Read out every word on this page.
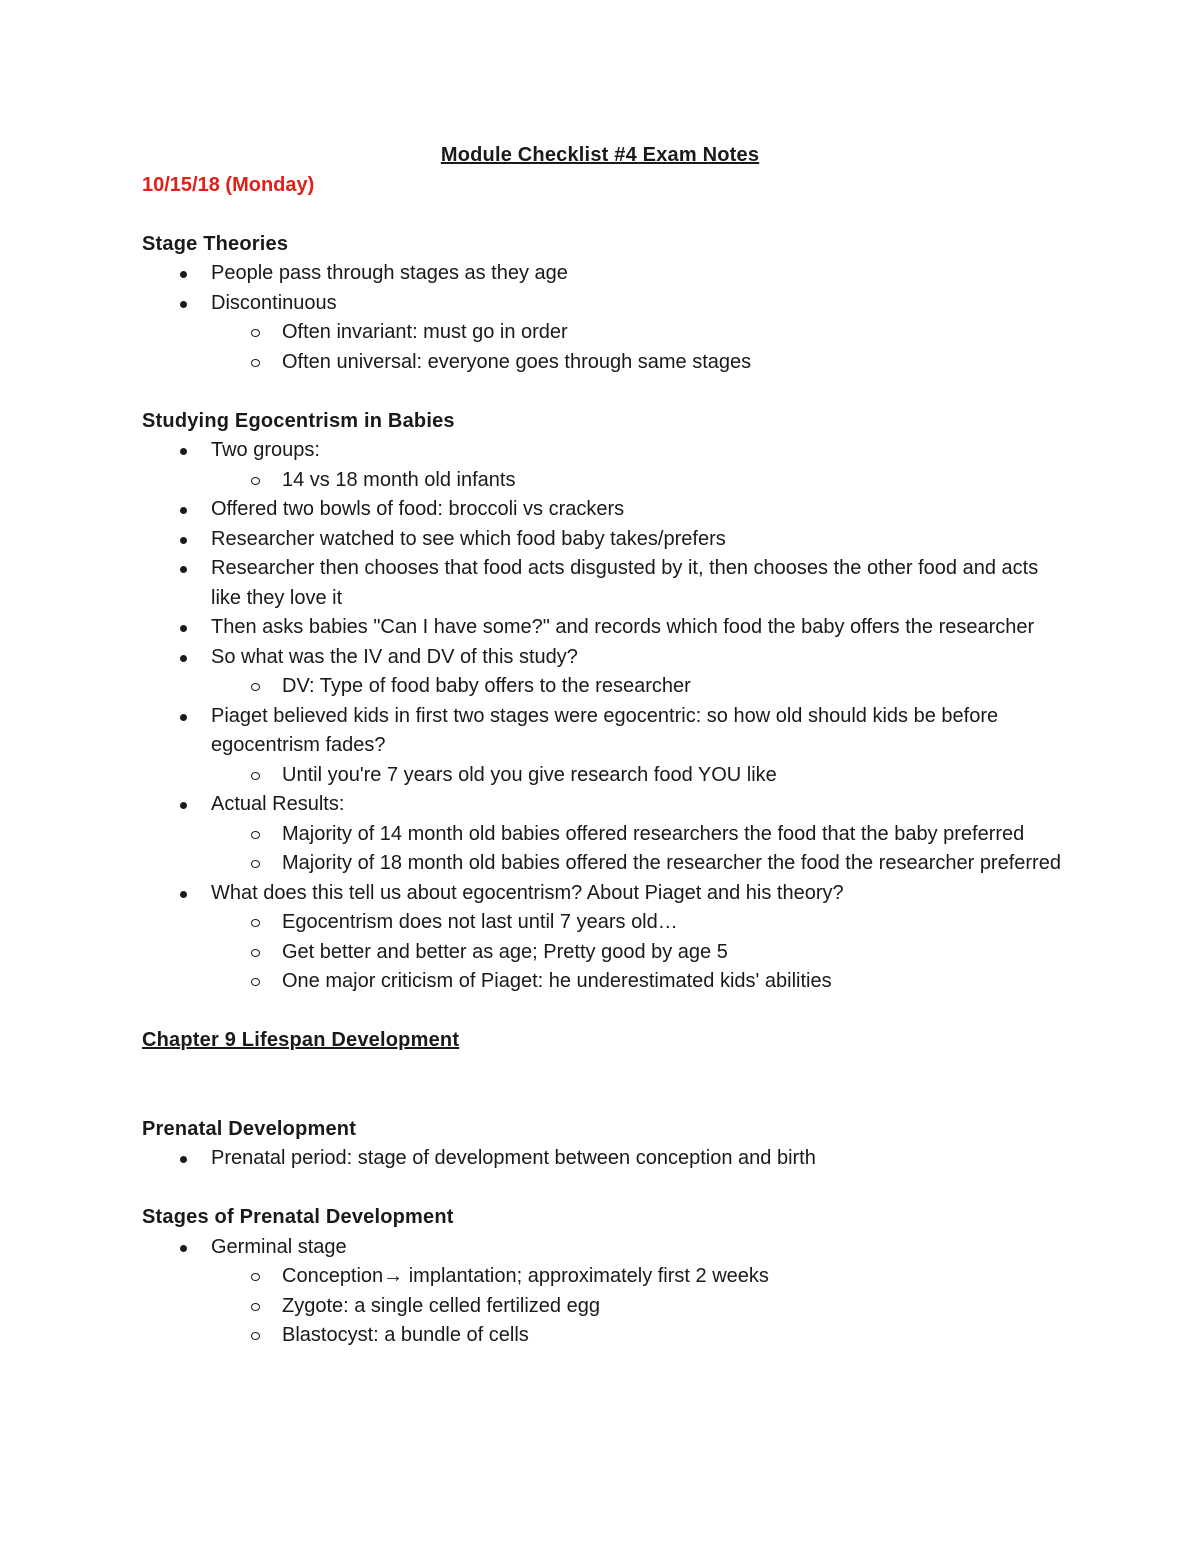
Module Checklist #4 Exam Notes
10/15/18 (Monday)
Stage Theories
People pass through stages as they age
Discontinuous
Often invariant: must go in order
Often universal: everyone goes through same stages
Studying Egocentrism in Babies
Two groups:
14 vs 18 month old infants
Offered two bowls of food: broccoli vs crackers
Researcher watched to see which food baby takes/prefers
Researcher then chooses that food acts disgusted by it, then chooses the other food and acts like they love it
Then asks babies "Can I have some?" and records which food the baby offers the researcher
So what was the IV and DV of this study?
DV: Type of food baby offers to the researcher
Piaget believed kids in first two stages were egocentric: so how old should kids be before egocentrism fades?
Until you're 7 years old you give research food YOU like
Actual Results:
Majority of 14 month old babies offered researchers the food that the baby preferred
Majority of 18 month old babies offered the researcher the food the researcher preferred
What does this tell us about egocentrism? About Piaget and his theory?
Egocentrism does not last until 7 years old…
Get better and better as age; Pretty good by age 5
One major criticism of Piaget: he underestimated kids' abilities
Chapter 9 Lifespan Development
Prenatal Development
Prenatal period: stage of development between conception and birth
Stages of Prenatal Development
Germinal stage
Conception→ implantation; approximately first 2 weeks
Zygote: a single celled fertilized egg
Blastocyst: a bundle of cells
